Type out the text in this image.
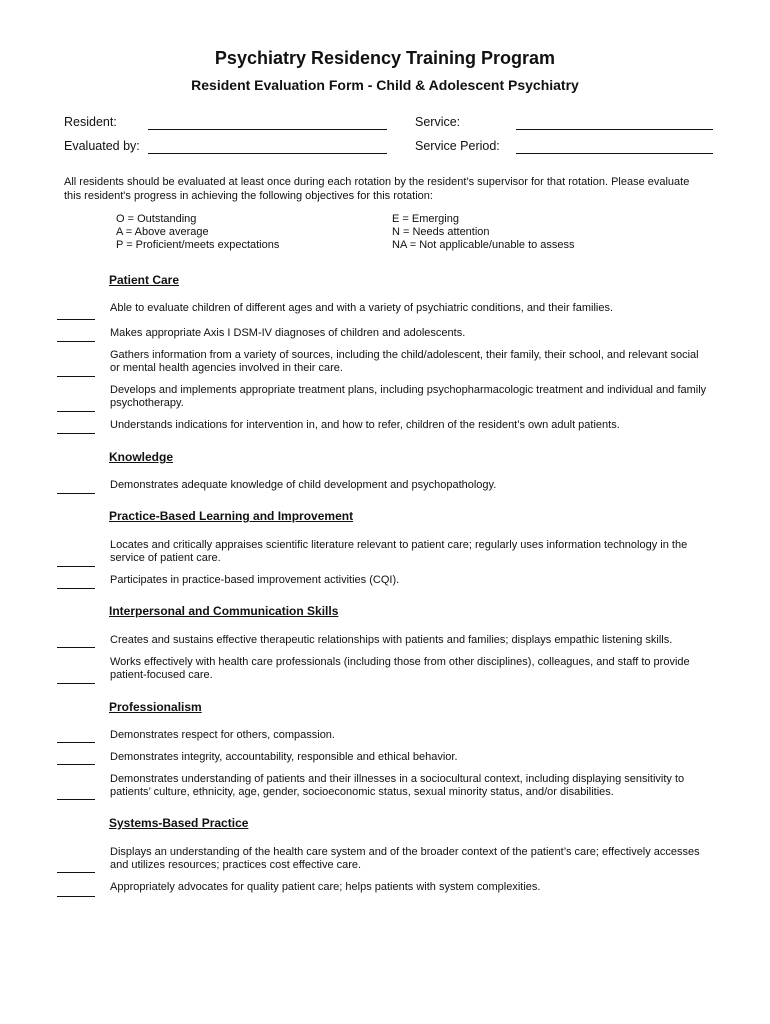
Psychiatry Residency Training Program
Resident Evaluation Form - Child & Adolescent Psychiatry
Resident:
Evaluated by:
Service:
Service Period:
All residents should be evaluated at least once during each rotation by the resident’s supervisor for that rotation. Please evaluate this resident's progress in achieving the following objectives for this rotation:
O = Outstanding
A = Above average
P = Proficient/meets expectations
E = Emerging
N = Needs attention
NA = Not applicable/unable to assess
Patient Care
Able to evaluate children of different ages and with a variety of psychiatric conditions, and their families.
Makes appropriate Axis I DSM-IV diagnoses of children and adolescents.
Gathers information from a variety of sources, including the child/adolescent, their family, their school, and relevant social or mental health agencies involved in their care.
Develops and implements appropriate treatment plans, including psychopharmacologic treatment and individual and family psychotherapy.
Understands indications for intervention in, and how to refer, children of the resident’s own adult patients.
Knowledge
Demonstrates adequate knowledge of child development and psychopathology.
Practice-Based Learning and Improvement
Locates and critically appraises scientific literature relevant to patient care; regularly uses information technology in the service of patient care.
Participates in practice-based improvement activities (CQI).
Interpersonal and Communication Skills
Creates and sustains effective therapeutic relationships with patients and families; displays empathic listening skills.
Works effectively with health care professionals (including those from other disciplines), colleagues, and staff to provide patient-focused care.
Professionalism
Demonstrates respect for others, compassion.
Demonstrates integrity, accountability, responsible and ethical behavior.
Demonstrates understanding of patients and their illnesses in a sociocultural context, including displaying sensitivity to patients’ culture, ethnicity, age, gender, socioeconomic status, sexual minority status, and/or disabilities.
Systems-Based Practice
Displays an understanding of the health care system and of the broader context of the patient’s care; effectively accesses and utilizes resources; practices cost effective care.
Appropriately advocates for quality patient care; helps patients with system complexities.
